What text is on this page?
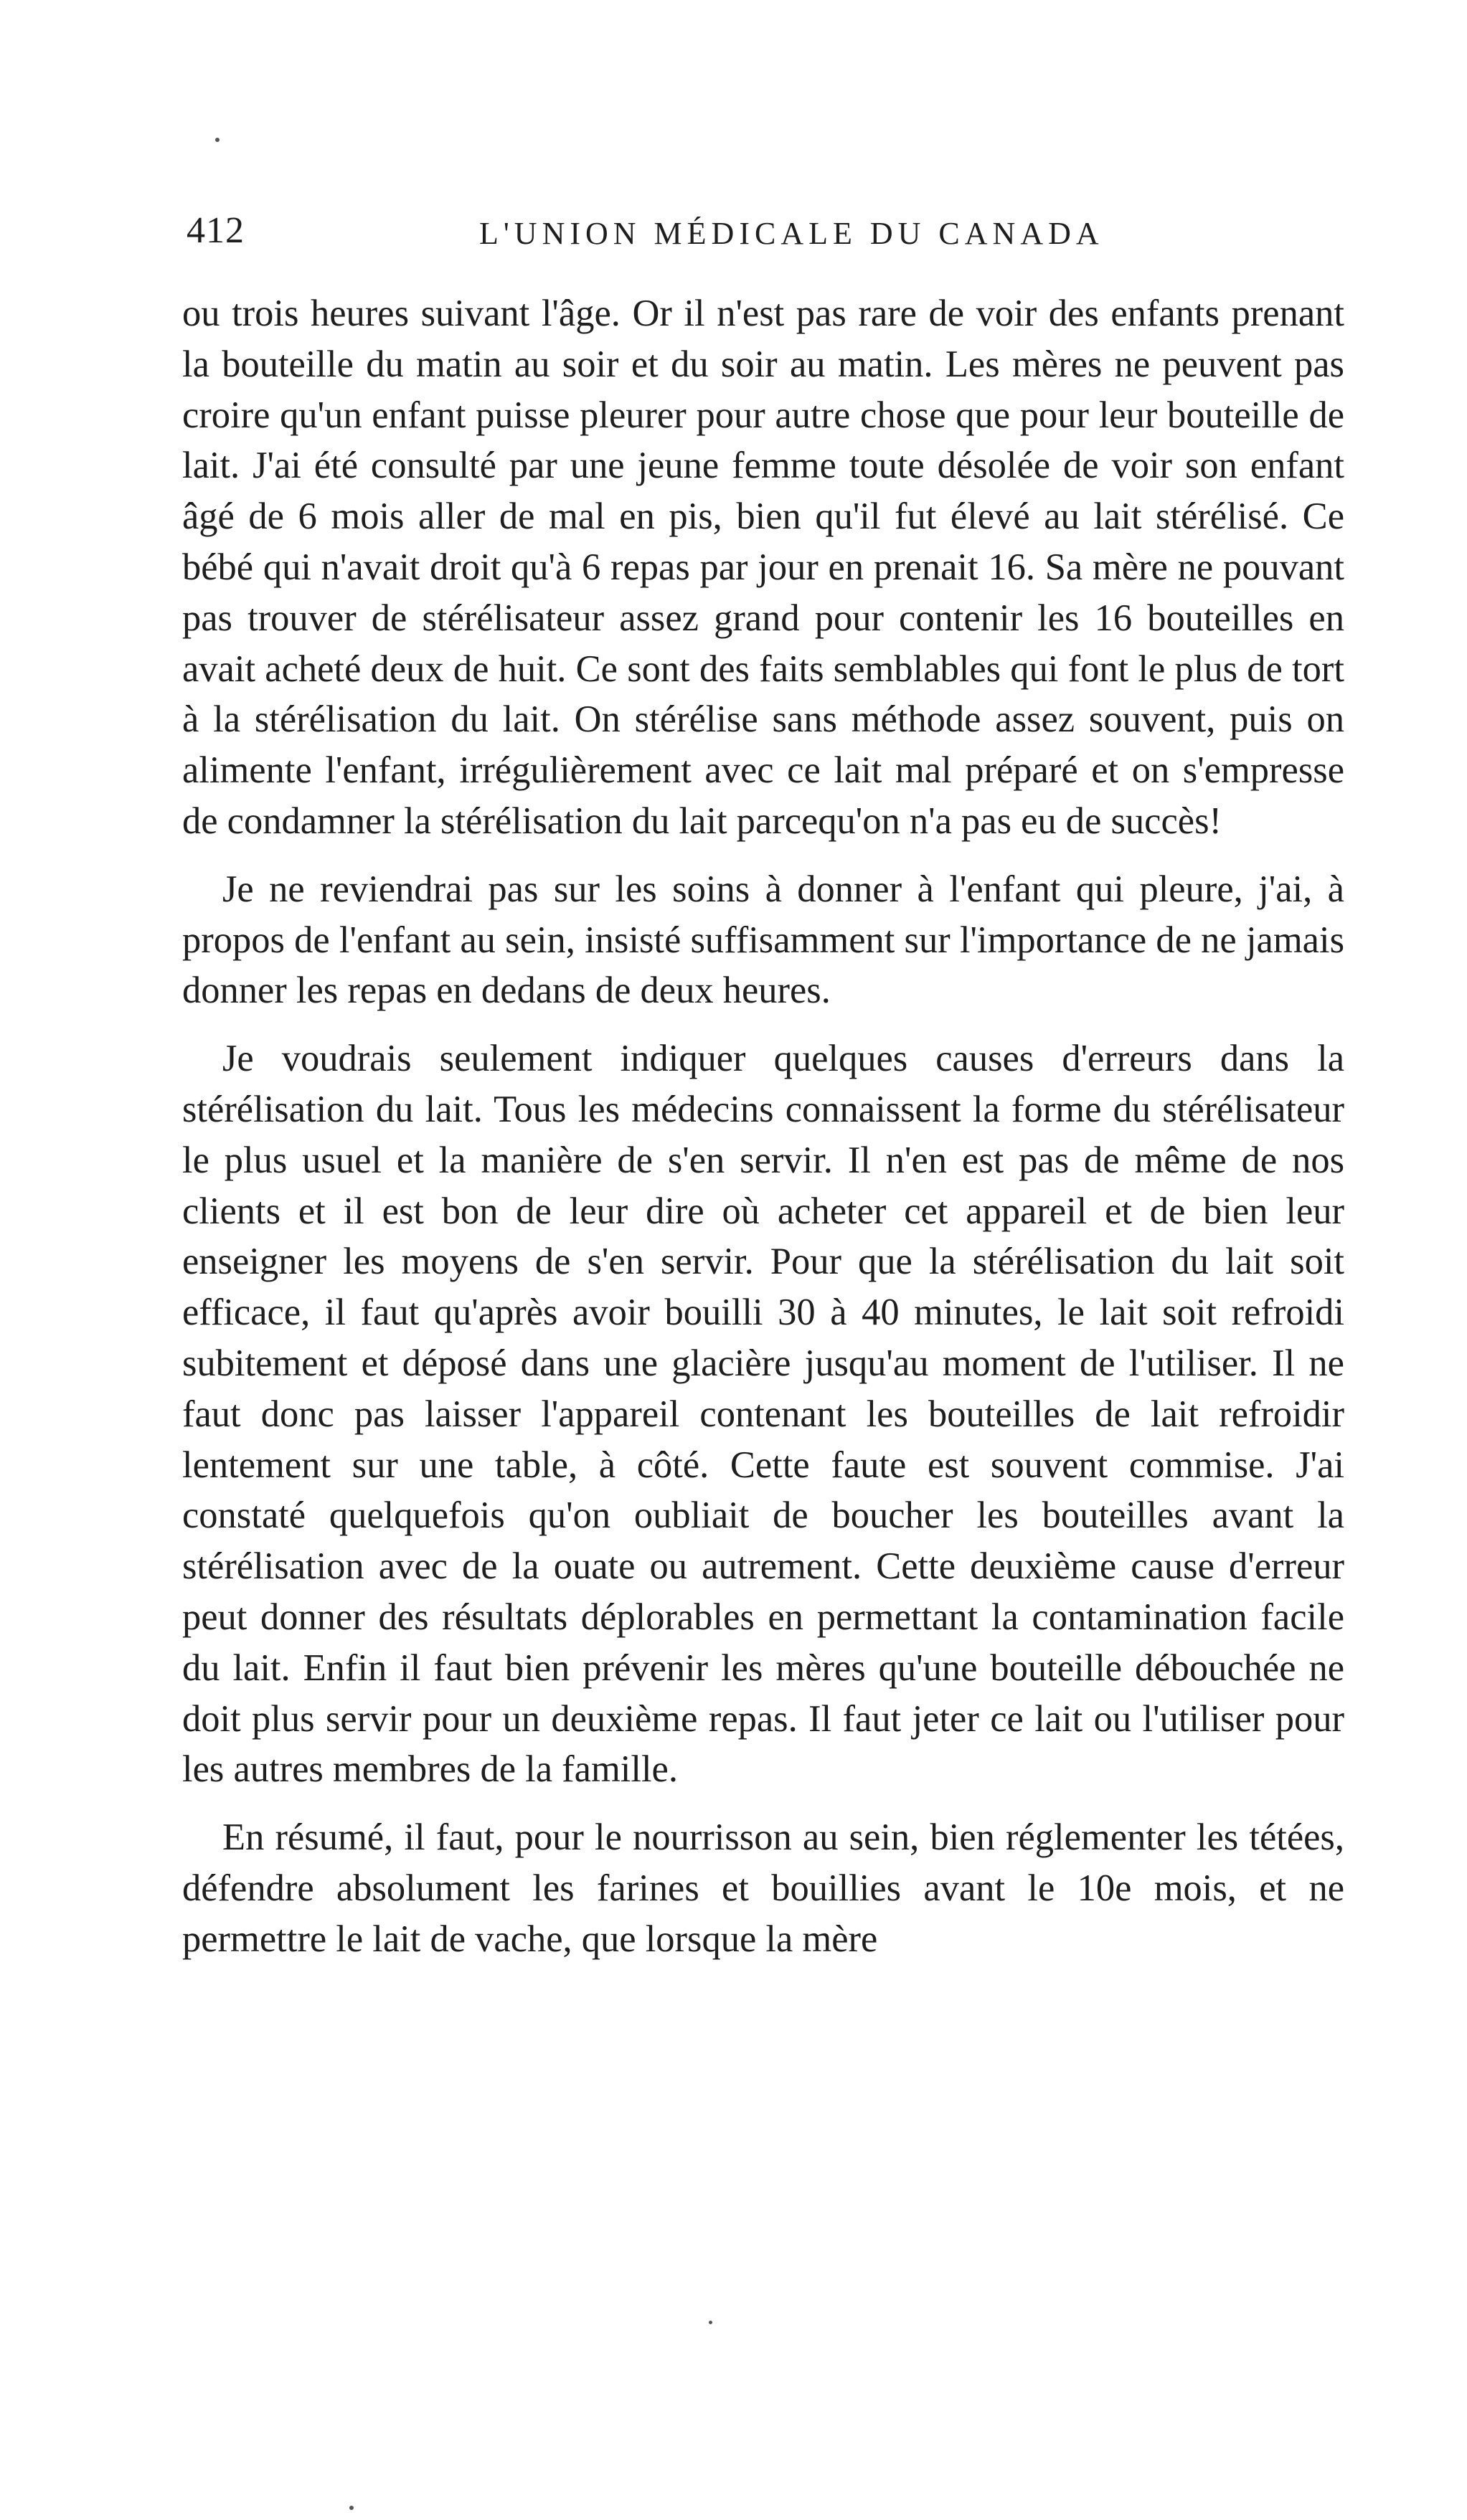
412	L'UNION MÉDICALE DU CANADA

ou trois heures suivant l'âge. Or il n'est pas rare de voir des enfants prenant la bouteille du matin au soir et du soir au matin. Les mères ne peuvent pas croire qu'un enfant puisse pleurer pour autre chose que pour leur bouteille de lait. J'ai été consulté par une jeune femme toute désolée de voir son enfant âgé de 6 mois aller de mal en pis, bien qu'il fut élevé au lait stérélisé. Ce bébé qui n'avait droit qu'à 6 repas par jour en prenait 16. Sa mère ne pouvant pas trouver de stérélisateur assez grand pour contenir les 16 bouteilles en avait acheté deux de huit. Ce sont des faits semblables qui font le plus de tort à la stérélisation du lait. On stérélise sans méthode assez souvent, puis on alimente l'enfant, irrégulièrement avec ce lait mal préparé et on s'empresse de condamner la stérélisation du lait parcequ'on n'a pas eu de succès!

Je ne reviendrai pas sur les soins à donner à l'enfant qui pleure, j'ai, à propos de l'enfant au sein, insisté suffisamment sur l'importance de ne jamais donner les repas en dedans de deux heures.

Je voudrais seulement indiquer quelques causes d'erreurs dans la stérélisation du lait. Tous les médecins connaissent la forme du stérélisateur le plus usuel et la manière de s'en servir. Il n'en est pas de même de nos clients et il est bon de leur dire où acheter cet appareil et de bien leur enseigner les moyens de s'en servir. Pour que la stérélisation du lait soit efficace, il faut qu'après avoir bouilli 30 à 40 minutes, le lait soit refroidi subitement et déposé dans une glacière jusqu'au moment de l'utiliser. Il ne faut donc pas laisser l'appareil contenant les bouteilles de lait refroidir lentement sur une table, à côté. Cette faute est souvent commise. J'ai constaté quelquefois qu'on oubliait de boucher les bouteilles avant la stérélisation avec de la ouate ou autrement. Cette deuxième cause d'erreur peut donner des résultats déplorables en permettant la contamination facile du lait. Enfin il faut bien prévenir les mères qu'une bouteille débouchée ne doit plus servir pour un deuxième repas. Il faut jeter ce lait ou l'utiliser pour les autres membres de la famille.

En résumé, il faut, pour le nourrisson au sein, bien réglementer les tétées, défendre absolument les farines et bouillies avant le 10e mois, et ne permettre le lait de vache, que lorsque la mère
